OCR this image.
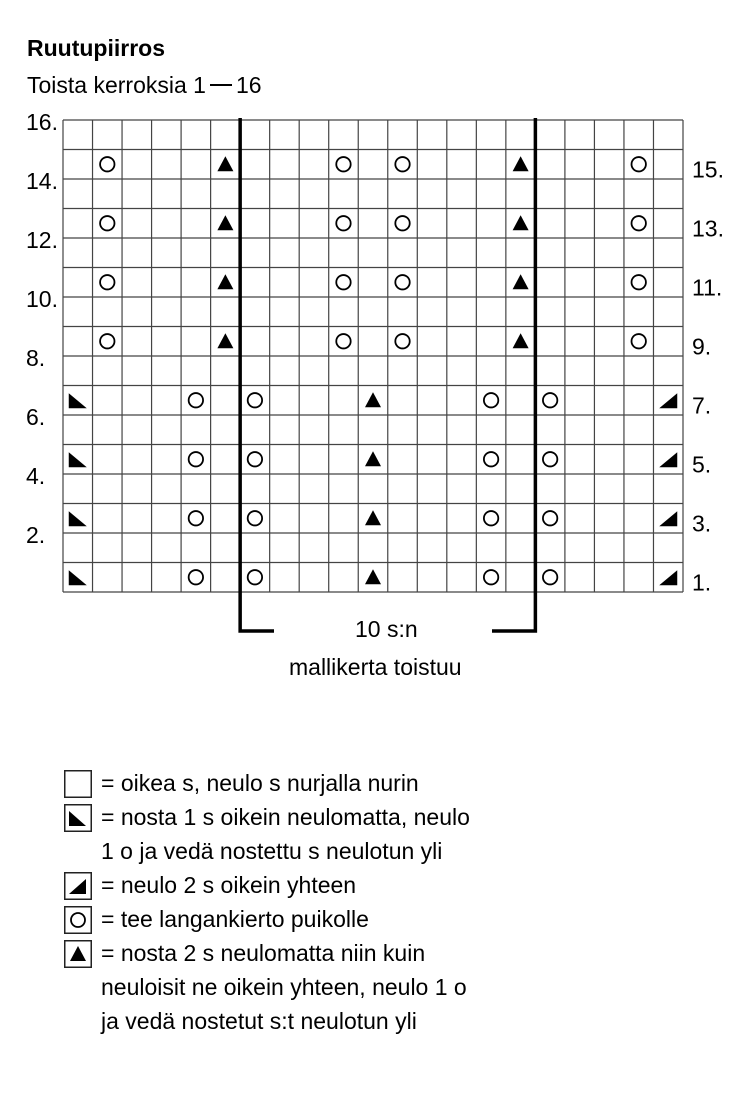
Ruutupiirros
Toista kerroksia 1 16
16.
14.
12.
10.
8.
6.
4.
2.
15.
13.
11.
9.
7.
5.
3.
1.
10 s:n
mallikerta toistuu
= oikea s, neulo s nurjalla nurin
= nosta 1 s oikein neulomatta, neulo
1 o ja vedä nostettu s neulotun yli
= neulo 2 s oikein yhteen
= tee langankierto puikolle
= nosta 2 s neulomatta niin kuin
neuloisit ne oikein yhteen, neulo 1 o
ja vedä nostetut s:t neulotun yli
